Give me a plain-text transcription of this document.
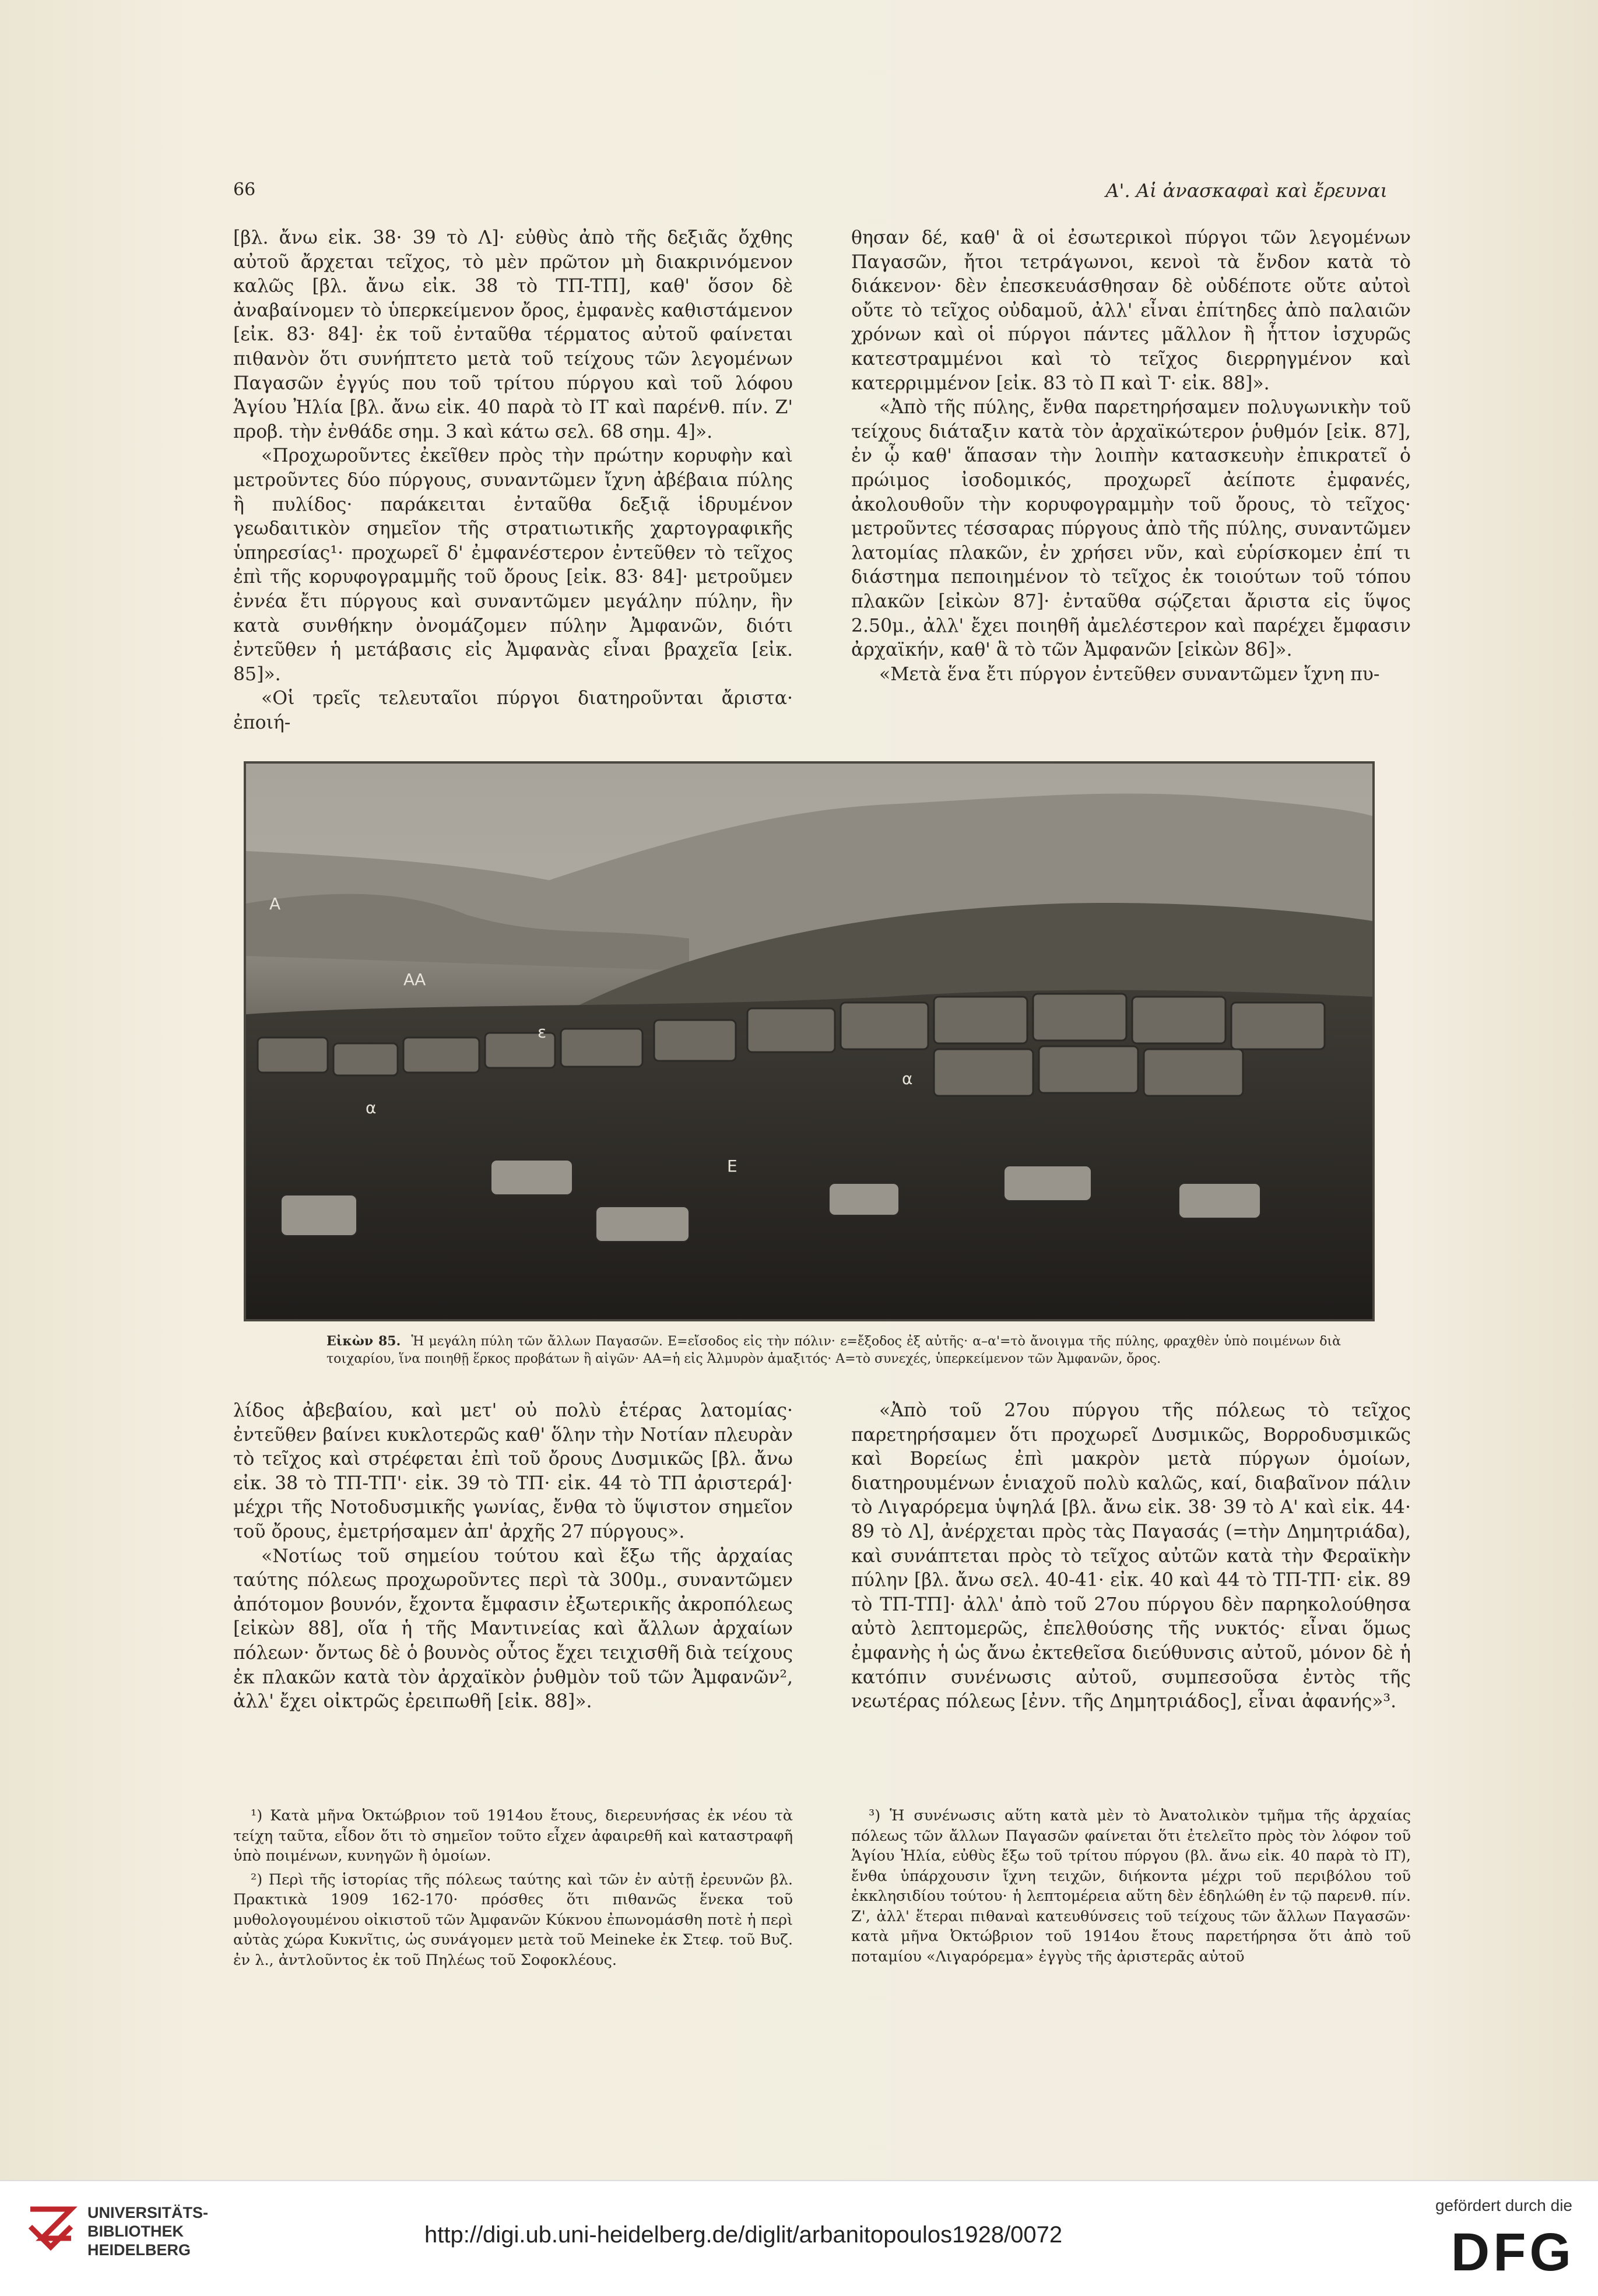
66	Α'. Αἱ ἀνασκαφαὶ καὶ ἔρευναι

[βλ. ἄνω εἰκ. 38· 39 τὸ Λ]· εὐθὺς ἀπὸ τῆς δεξιᾶς ὄχθης αὐτοῦ ἄρχεται τεῖχος, τὸ μὲν πρῶτον μὴ διακρινόμενον καλῶς [βλ. ἄνω εἰκ. 38 τὸ ΤΠ-ΤΠ], καθ' ὅσον δὲ ἀναβαίνομεν τὸ ὑπερκείμενον ὄρος, ἐμφανὲς καθιστάμενον [εἰκ. 83· 84]· ἐκ τοῦ ἐνταῦθα τέρματος αὐτοῦ φαίνεται πιθανὸν ὅτι συνήπτετο μετὰ τοῦ τείχους τῶν λεγομένων Παγασῶν ἐγγύς που τοῦ τρίτου πύργου καὶ τοῦ λόφου Ἁγίου Ἠλία [βλ. ἄνω εἰκ. 40 παρὰ τὸ ΙΤ καὶ παρένθ. πίν. Ζ' προβ. τὴν ἐνθάδε σημ. 3 καὶ κάτω σελ. 68 σημ. 4]».

«Προχωροῦντες ἐκεῖθεν πρὸς τὴν πρώτην κορυφὴν καὶ μετροῦντες δύο πύργους, συναντῶμεν ἴχνη ἀβέβαια πύλης ἢ πυλίδος· παράκειται ἐνταῦθα δεξιᾷ ἱδρυμένον γεωδαιτικὸν σημεῖον τῆς στρατιωτικῆς χαρτογραφικῆς ὑπηρεσίας¹· προχωρεῖ δ' ἐμφανέστερον ἐντεῦθεν τὸ τεῖχος ἐπὶ τῆς κορυφογραμμῆς τοῦ ὄρους [εἰκ. 83· 84]· μετροῦμεν ἐννέα ἔτι πύργους καὶ συναντῶμεν μεγάλην πύλην, ἣν κατὰ συνθήκην ὀνομάζομεν πύλην Ἀμφανῶν, διότι ἐντεῦθεν ἡ μετάβασις εἰς Ἀμφανὰς εἶναι βραχεῖα [εἰκ. 85]».

«Οἱ τρεῖς τελευταῖοι πύργοι διατηροῦνται ἄριστα· ἐποιή-

θησαν δέ, καθ' ἃ οἱ ἐσωτερικοὶ πύργοι τῶν λεγομένων Παγασῶν, ἤτοι τετράγωνοι, κενοὶ τὰ ἔνδον κατὰ τὸ διάκενον· δὲν ἐπεσκευάσθησαν δὲ οὐδέποτε οὔτε αὐτοὶ οὔτε τὸ τεῖχος οὐδαμοῦ, ἀλλ' εἶναι ἐπίτηδες ἀπὸ παλαιῶν χρόνων καὶ οἱ πύργοι πάντες μᾶλλον ἢ ἧττον ἰσχυρῶς κατεστραμμένοι καὶ τὸ τεῖχος διερρηγμένον καὶ κατερριμμένον [εἰκ. 83 τὸ Π καὶ Τ· εἰκ. 88]».

«Ἀπὸ τῆς πύλης, ἔνθα παρετηρήσαμεν πολυγωνικὴν τοῦ τείχους διάταξιν κατὰ τὸν ἀρχαϊκώτερον ῥυθμόν [εἰκ. 87], ἐν ᾧ καθ' ἅπασαν τὴν λοιπὴν κατασκευὴν ἐπικρατεῖ ὁ πρώιμος ἰσοδομικός, προχωρεῖ ἀείποτε ἐμφανές, ἀκολουθοῦν τὴν κορυφογραμμὴν τοῦ ὄρους, τὸ τεῖχος· μετροῦντες τέσσαρας πύργους ἀπὸ τῆς πύλης, συναντῶμεν λατομίας πλακῶν, ἐν χρήσει νῦν, καὶ εὑρίσκομεν ἐπί τι διάστημα πεποιημένον τὸ τεῖχος ἐκ τοιούτων τοῦ τόπου πλακῶν [εἰκὼν 87]· ἐνταῦθα σῴζεται ἄριστα εἰς ὕψος 2.50μ., ἀλλ' ἔχει ποιηθῆ ἀμελέστερον καὶ παρέχει ἔμφασιν ἀρχαϊκήν, καθ' ἃ τὸ τῶν Ἀμφανῶν [εἰκὼν 86]».

«Μετὰ ἕνα ἔτι πύργον ἐντεῦθεν συναντῶμεν ἴχνη πυ-

Α
ΑΑ
ε
α
α
Ε
Εἰκὼν 85. Ἡ μεγάλη πύλη τῶν ἄλλων Παγασῶν. Ε=εἴσοδος εἰς τὴν πόλιν· ε=ἔξοδος ἐξ αὐτῆς· α–α'=τὸ ἄνοιγμα τῆς πύλης, φραχθὲν ὑπὸ ποιμένων διὰ τοιχαρίου, ἵνα ποιηθῇ ἕρκος προβάτων ἢ αἰγῶν· ΑΑ=ἡ εἰς Ἁλμυρὸν ἁμαξιτός· Α=τὸ συνεχές, ὑπερκείμενον τῶν Ἀμφανῶν, ὄρος.

λίδος ἀβεβαίου, καὶ μετ' οὐ πολὺ ἑτέρας λατομίας· ἐντεῦθεν βαίνει κυκλοτερῶς καθ' ὅλην τὴν Νοτίαν πλευρὰν τὸ τεῖχος καὶ στρέφεται ἐπὶ τοῦ ὄρους Δυσμικῶς [βλ. ἄνω εἰκ. 38 τὸ ΤΠ-ΤΠ'· εἰκ. 39 τὸ ΤΠ· εἰκ. 44 τὸ ΤΠ ἀριστερά]· μέχρι τῆς Νοτοδυσμικῆς γωνίας, ἔνθα τὸ ὕψιστον σημεῖον τοῦ ὄρους, ἐμετρήσαμεν ἀπ' ἀρχῆς 27 πύργους».

«Νοτίως τοῦ σημείου τούτου καὶ ἔξω τῆς ἀρχαίας ταύτης πόλεως προχωροῦντες περὶ τὰ 300μ., συναντῶμεν ἀπότομον βουνόν, ἔχοντα ἔμφασιν ἐξωτερικῆς ἀκροπόλεως [εἰκὼν 88], οἵα ἡ τῆς Μαντινείας καὶ ἄλλων ἀρχαίων πόλεων· ὄντως δὲ ὁ βουνὸς οὗτος ἔχει τειχισθῆ διὰ τείχους ἐκ πλακῶν κατὰ τὸν ἀρχαϊκὸν ῥυθμὸν τοῦ τῶν Ἀμφανῶν², ἀλλ' ἔχει οἰκτρῶς ἐρειπωθῆ [εἰκ. 88]».

«Ἀπὸ τοῦ 27ου πύργου τῆς πόλεως τὸ τεῖχος παρετηρήσαμεν ὅτι προχωρεῖ Δυσμικῶς, Βορροδυσμικῶς καὶ Βορείως ἐπὶ μακρὸν μετὰ πύργων ὁμοίων, διατηρουμένων ἑνιαχοῦ πολὺ καλῶς, καί, διαβαῖνον πάλιν τὸ Λιγαρόρεμα ὑψηλά [βλ. ἄνω εἰκ. 38· 39 τὸ Α' καὶ εἰκ. 44· 89 τὸ Λ], ἀνέρχεται πρὸς τὰς Παγασάς (=τὴν Δημητριάδα), καὶ συνάπτεται πρὸς τὸ τεῖχος αὐτῶν κατὰ τὴν Φεραϊκὴν πύλην [βλ. ἄνω σελ. 40-41· εἰκ. 40 καὶ 44 τὸ ΤΠ-ΤΠ· εἰκ. 89 τὸ ΤΠ-ΤΠ]· ἀλλ' ἀπὸ τοῦ 27ου πύργου δὲν παρηκολούθησα αὐτὸ λεπτομερῶς, ἐπελθούσης τῆς νυκτός· εἶναι ὅμως ἐμφανὴς ἡ ὡς ἄνω ἐκτεθεῖσα διεύθυνσις αὐτοῦ, μόνον δὲ ἡ κατόπιν συνένωσις αὐτοῦ, συμπεσοῦσα ἐντὸς τῆς νεωτέρας πόλεως [ἐνν. τῆς Δημητριάδος], εἶναι ἀφανής»³.

¹) Κατὰ μῆνα Ὀκτώβριον τοῦ 1914ου ἔτους, διερευνήσας ἐκ νέου τὰ τείχη ταῦτα, εἶδον ὅτι τὸ σημεῖον τοῦτο εἶχεν ἀφαιρεθῆ καὶ καταστραφῆ ὑπὸ ποιμένων, κυνηγῶν ἢ ὁμοίων.

²) Περὶ τῆς ἱστορίας τῆς πόλεως ταύτης καὶ τῶν ἐν αὐτῇ ἐρευνῶν βλ. Πρακτικὰ 1909 162-170· πρόσθες ὅτι πιθανῶς ἕνεκα τοῦ μυθολογουμένου οἰκιστοῦ τῶν Ἀμφανῶν Κύκνου ἐπωνομάσθη ποτὲ ἡ περὶ αὐτὰς χώρα Κυκνῖτις, ὡς συνάγομεν μετὰ τοῦ Meineke ἐκ Στεφ. τοῦ Βυζ. ἐν λ., ἀντλοῦντος ἐκ τοῦ Πηλέως τοῦ Σοφοκλέους.

³) Ἡ συνένωσις αὕτη κατὰ μὲν τὸ Ἀνατολικὸν τμῆμα τῆς ἀρχαίας πόλεως τῶν ἄλλων Παγασῶν φαίνεται ὅτι ἐτελεῖτο πρὸς τὸν λόφον τοῦ Ἁγίου Ἠλία, εὐθὺς ἔξω τοῦ τρίτου πύργου (βλ. ἄνω εἰκ. 40 παρὰ τὸ ΙΤ), ἔνθα ὑπάρχουσιν ἴχνη τειχῶν, διήκοντα μέχρι τοῦ περιβόλου τοῦ ἐκκλησιδίου τούτου· ἡ λεπτομέρεια αὕτη δὲν ἐδηλώθη ἐν τῷ παρενθ. πίν. Ζ', ἀλλ' ἕτεραι πιθαναὶ κατευθύνσεις τοῦ τείχους τῶν ἄλλων Παγασῶν· κατὰ μῆνα Ὀκτώβριον τοῦ 1914ου ἔτους παρετήρησα ὅτι ἀπὸ τοῦ ποταμίου «Λιγαρόρεμα» ἐγγὺς τῆς ἀριστερᾶς αὐτοῦ

UNIVERSITÄTS-
BIBLIOTHEK
HEIDELBERG
http://digi.ub.uni-heidelberg.de/diglit/arbanitopoulos1928/0072
gefördert durch die
DFG
